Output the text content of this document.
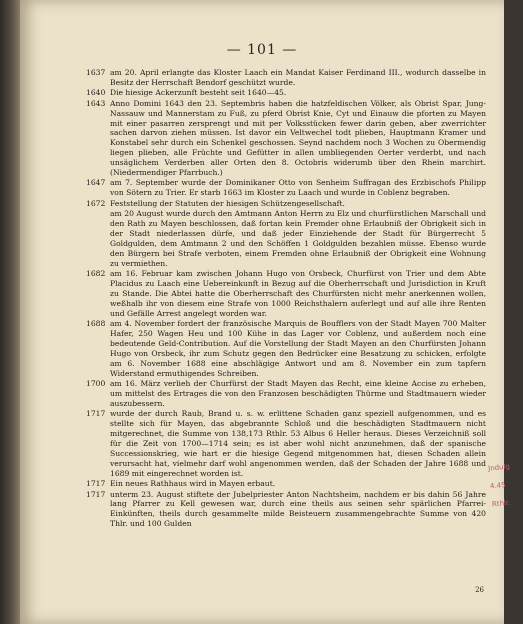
— 101 —
1637 am 20. April erlangte das Kloster Laach ein Mandat Kaiser Ferdinand III., wodurch dasselbe in Besitz der Herrschaft Bendorf geschützt wurde.
1640 Die hiesige Ackerzunft besteht seit 1640—45.
1643 Anno Domini 1643 den 23. Septembris haben die hatzfeldischen Völker, als Obrist Spar, Jung-Nassauw und Mannerstam zu Fuß, zu pferd Obrist Knie, Cyt und Einauw die pforten zu Mayen mit einer pasarren zersprengt und mit per Volksstücken fewer darin geben, aber zwerrichter sachen darvon ziehen müssen. Ist davor ein Veltwechel todt plieben, Hauptmann Kramer und Konstabel sehr durch ein Schenkel geschossen. Seynd nachdem noch 3 Wochen zu Obermendig liegen plieben, alle Früchte und Gefütter in allen umbliegenden Oerter verderbt, und nach unsäglichem Verderben aller Orten den 8. Octobris widerumb über den Rhein marchirt. (Niedermendiger Pfarrbuch.)
1647 am 7. September wurde der Dominikaner Otto von Senheim Suffragan des Erzbischofs Philipp von Sötern zu Trier. Er starb 1663 im Kloster zu Laach und wurde in Coblenz begraben.
1672 Feststellung der Statuten der hiesigen Schützengesellschaft.
am 20 August wurde durch den Amtmann Anton Herrn zu Elz und churfürstlichen Marschall und den Rath zu Mayen beschlossen, daß fortan kein Fremder ohne Erlaubniß der Obrigkeit sich in der Stadt niederlassen dürfe, und daß jeder Einziehende der Stadt für Bürgerrecht 5 Goldgulden, dem Amtmann 2 und den Schöffen 1 Goldgulden bezahlen müsse. Ebenso wurde den Bürgern bei Strafe verboten, einem Fremden ohne Erlaubniß der Obrigkeit eine Wohnung zu vermiethen.
1682 am 16. Februar kam zwischen Johann Hugo von Orsbeck, Churfürst von Trier und dem Abte Placidus zu Laach eine Uebereinkunft in Bezug auf die Oberherrschaft und Jurisdiction in Kruft zu Stande. Die Abtei hatte die Oberherrschaft des Churfürsten nicht mehr anerkennen wollen, weßhalb ihr von diesem eine Strafe von 1000 Reichsthalern auferlegt und auf alle ihre Renten und Gefälle Arrest angelegt worden war.
1688 am 4. November fordert der französische Marquis de Boufflers von der Stadt Mayen 700 Malter Hafer, 250 Wagen Heu und 100 Kühe in das Lager vor Coblenz, und außerdem noch eine bedeutende Geld-Contribution. Auf die Vorstellung der Stadt Mayen an den Churfürsten Johann Hugo von Orsbeck, ihr zum Schutz gegen den Bedrücker eine Besatzung zu schicken, erfolgte am 6. November 1688 eine abschlägige Antwort und am 8. November ein zum tapfern Widerstand ermuthigendes Schreiben.
1700 am 16. März verlieh der Churfürst der Stadt Mayen das Recht, eine kleine Accise zu erheben, um mittelst des Ertrages die von den Franzosen beschädigten Thürme und Stadtmauern wieder auszubessern.
1717 wurde der durch Raub, Brand u. s. w. erlittene Schaden ganz speziell aufgenommen, und es stellte sich für Mayen, das abgebrannte Schloß und die beschädigten Stadtmauern nicht mitgerechnet, die Summe von 138,173 Rthlr. 53 Albus 6 Heller heraus. Dieses Verzeichniß soll für die Zeit von 1700—1714 sein; es ist aber wohl nicht anzunehmen, daß der spanische Successionskrieg, wie hart er die hiesige Gegend mitgenommen hat, diesen Schaden allein verursacht hat, vielmehr darf wohl angenommen werden, daß der Schaden der Jahre 1688 und 1689 mit eingerechnet worden ist.
1717 Ein neues Rathhaus wird in Mayen erbaut.
1717 unterm 23. August stiftete der Jubelpriester Anton Nachtsheim, nachdem er bis dahin 56 Jahre lang Pfarrer zu Kell gewesen war, durch eine theils aus seinen sehr spärlichen Pfarrei-Einkünften, theils durch gesammelte milde Beisteuern zusammengebrachte Summe von 420 Thlr. und 100 Gulden
Jndulg
4.45
Rthlr.
26
